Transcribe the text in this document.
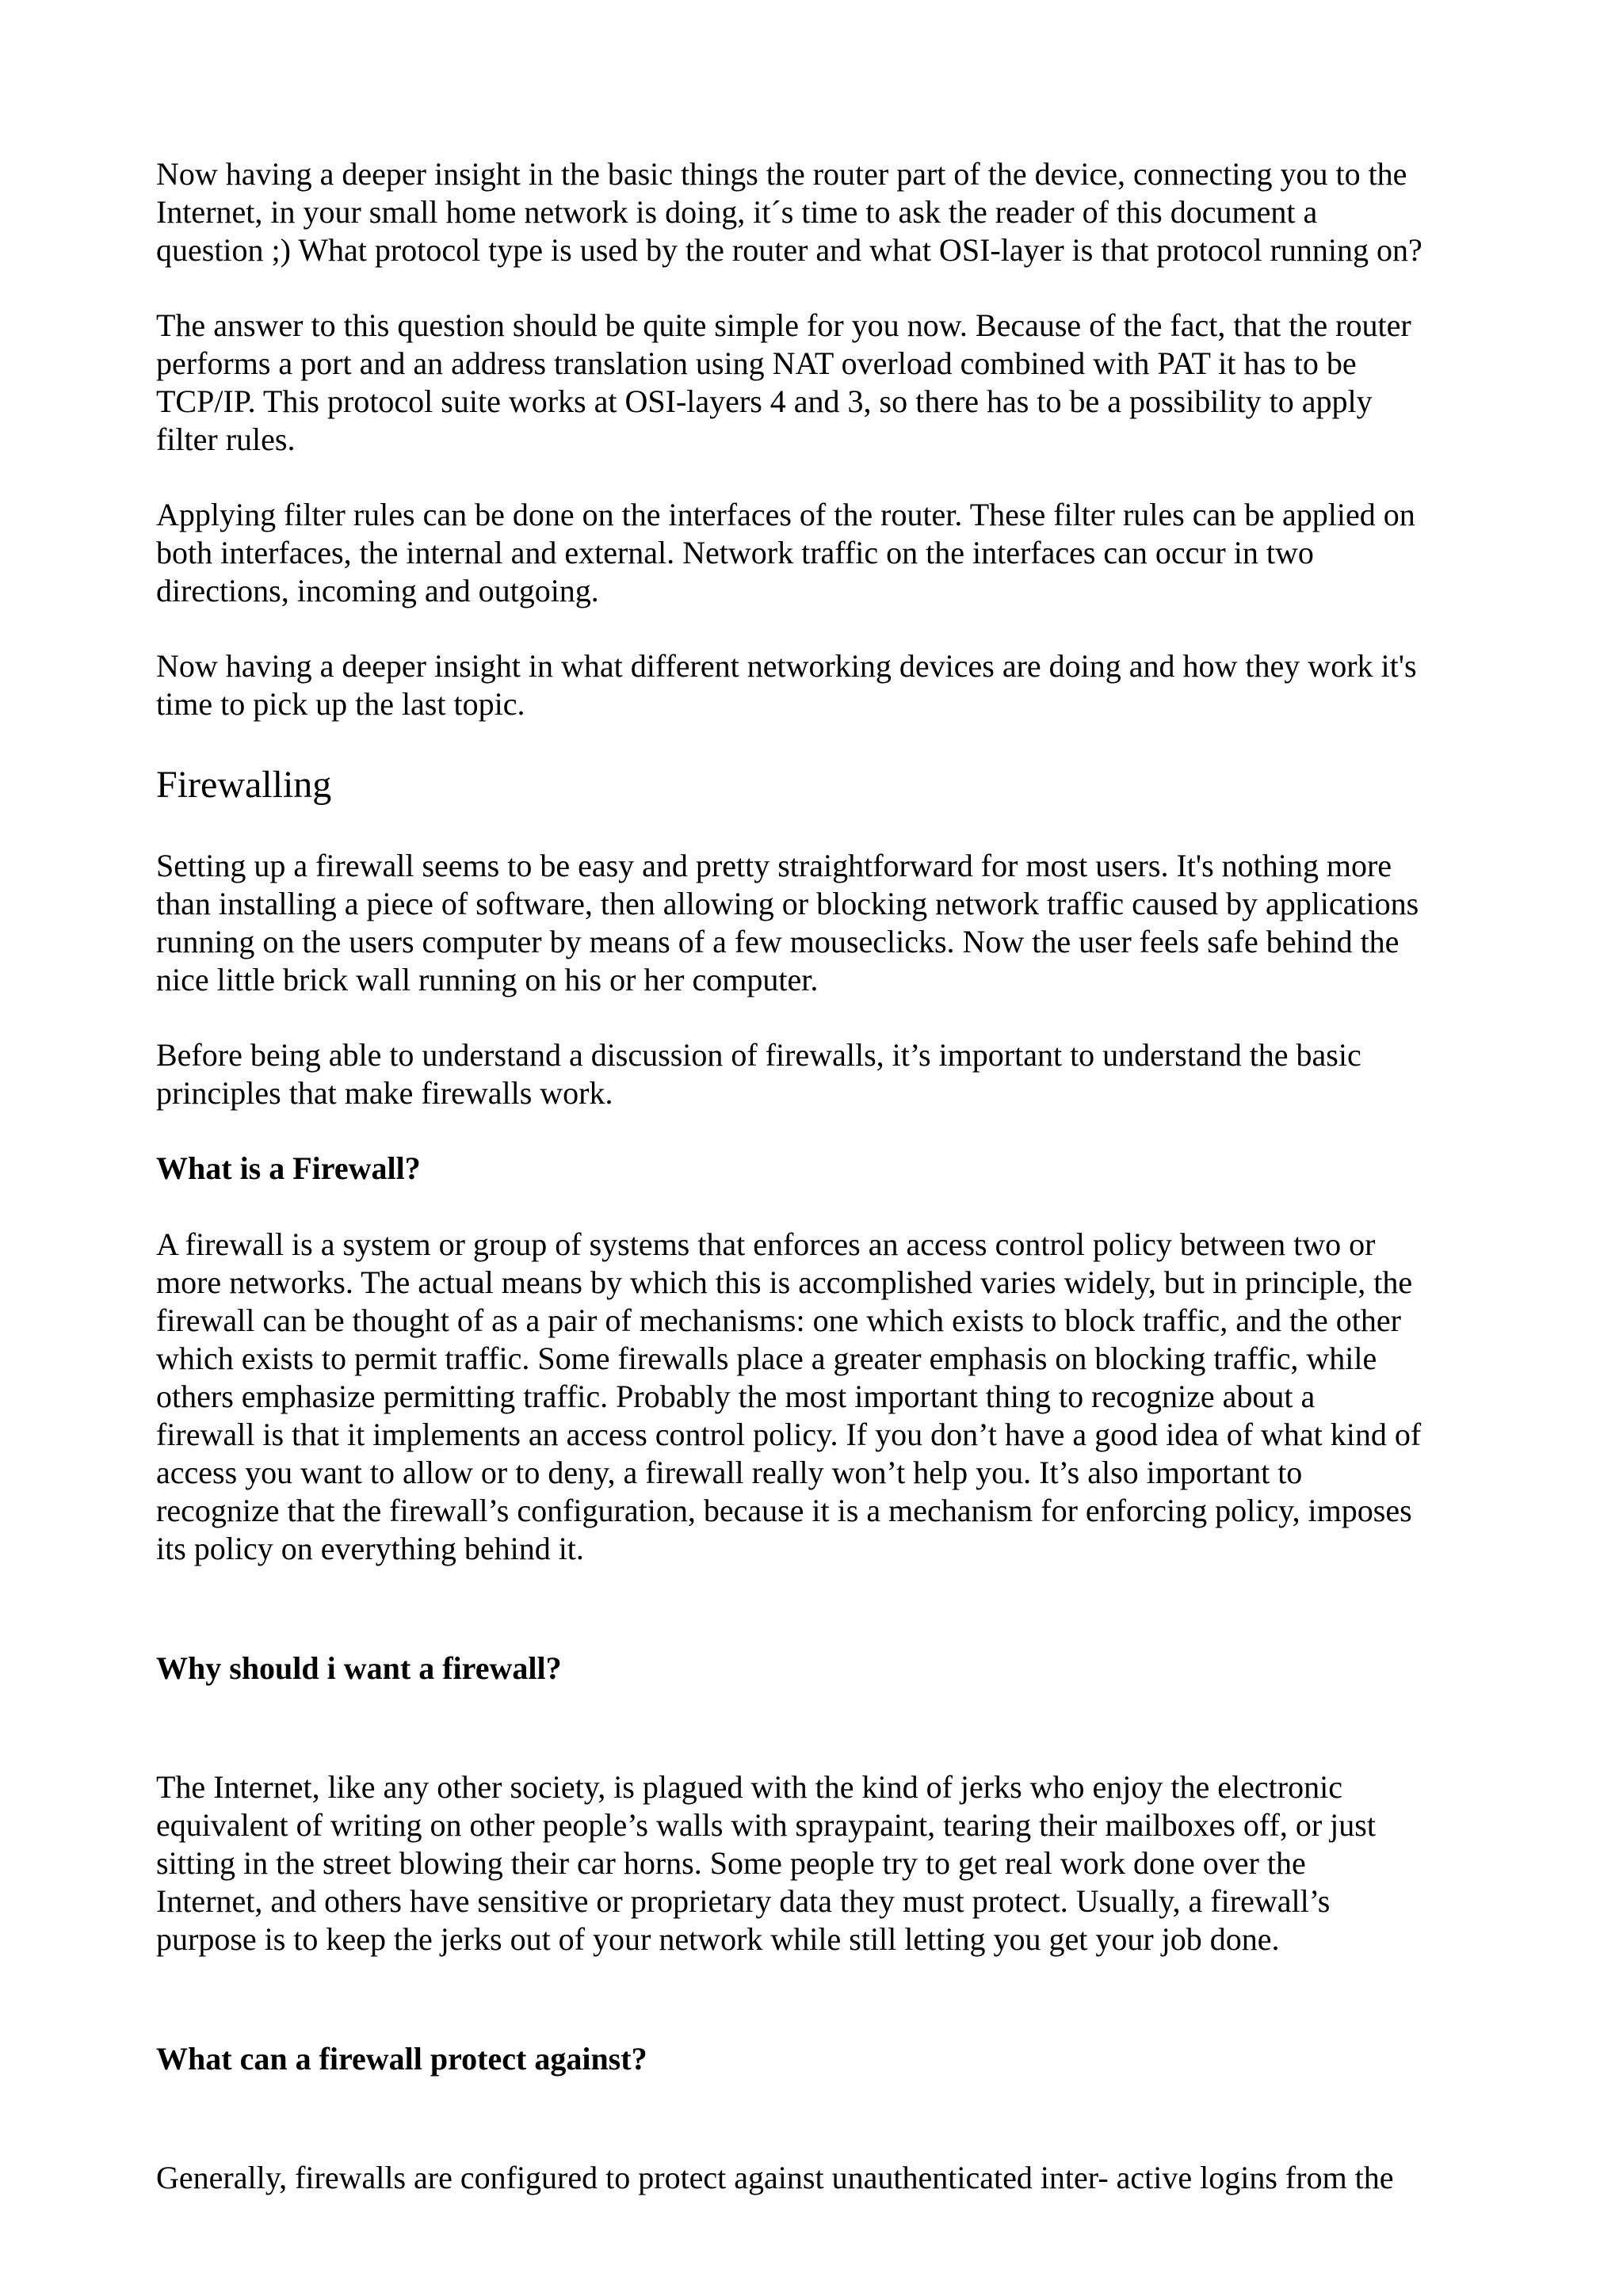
Now having a deeper insight in the basic things the router part of the device, connecting you to the
Internet, in your small home network is doing, it´s time to ask the reader of this document a
question ;) What protocol type is used by the router and what OSI-layer is that protocol running on?

The answer to this question should be quite simple for you now. Because of the fact, that the router
performs a port and an address translation using NAT overload combined with PAT it has to be
TCP/IP. This protocol suite works at OSI-layers 4 and 3, so there has to be a possibility to apply
filter rules.

Applying filter rules can be done on the interfaces of the router. These filter rules can be applied on
both interfaces, the internal and external. Network traffic on the interfaces can occur in two
directions, incoming and outgoing.

Now having a deeper insight in what different networking devices are doing and how they work it's
time to pick up the last topic.

Firewalling

Setting up a firewall seems to be easy and pretty straightforward for most users. It's nothing more
than installing a piece of software, then allowing or blocking network traffic caused by applications
running on the users computer by means of a few mouseclicks. Now the user feels safe behind the
nice little brick wall running on his or her computer.

Before being able to understand a discussion of firewalls, it’s important to understand the basic
principles that make firewalls work.

What is a Firewall?

A firewall is a system or group of systems that enforces an access control policy between two or
more networks. The actual means by which this is accomplished varies widely, but in principle, the
firewall can be thought of as a pair of mechanisms: one which exists to block traffic, and the other
which exists to permit traffic. Some firewalls place a greater emphasis on blocking traffic, while
others emphasize permitting traffic. Probably the most important thing to recognize about a
firewall is that it implements an access control policy. If you don’t have a good idea of what kind of
access you want to allow or to deny, a firewall really won’t help you. It’s also important to
recognize that the firewall’s configuration, because it is a mechanism for enforcing policy, imposes
its policy on everything behind it.

Why should i want a firewall?

The Internet, like any other society, is plagued with the kind of jerks who enjoy the electronic
equivalent of writing on other people’s walls with spraypaint, tearing their mailboxes off, or just
sitting in the street blowing their car horns. Some people try to get real work done over the
Internet, and others have sensitive or proprietary data they must protect. Usually, a firewall’s
purpose is to keep the jerks out of your network while still letting you get your job done.

What can a firewall protect against?

Generally, firewalls are configured to protect against unauthenticated inter- active logins from the
